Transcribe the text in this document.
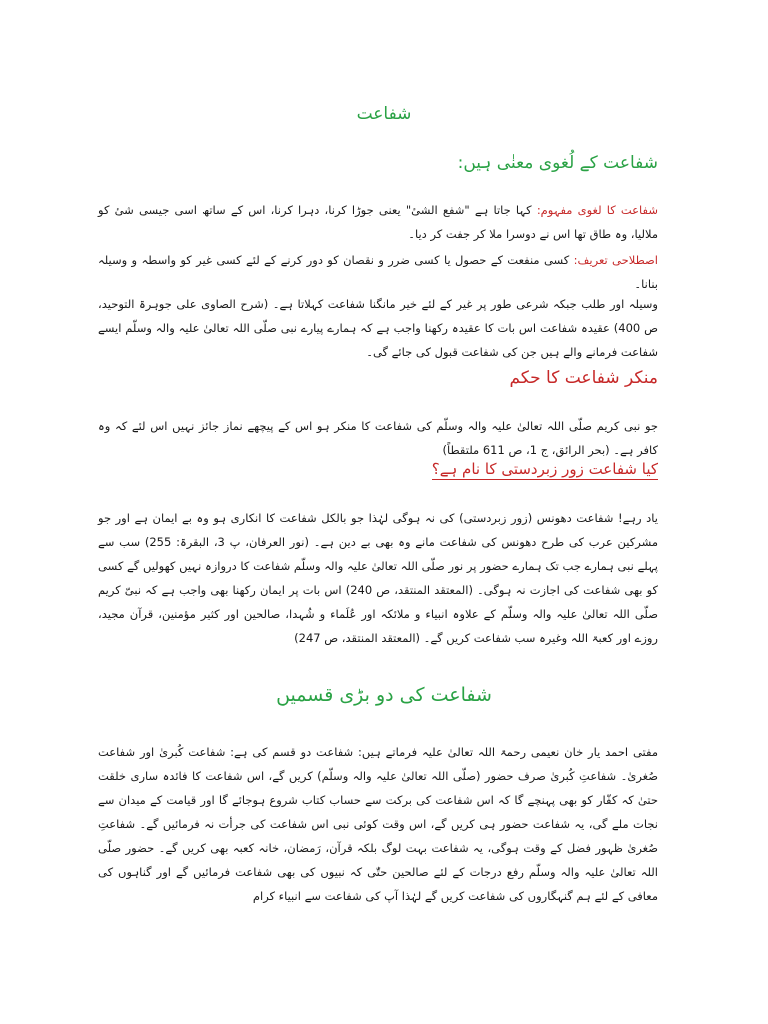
شفاعت
شفاعت کے لُغوی معنٰی ہیں:
شفاعت کا لغوی مفہوم: کہا جاتا ہے "شفع الشیٔ" یعنی جوڑا کرنا، دہرا کرنا، اس کے ساتھ اسی جیسی شیٔ کو ملالیا، وہ طاق تھا اس نے دوسرا ملا کر جفت کر دیا۔
اصطلاحی تعریف: کسی منفعت کے حصول یا کسی ضرر و نقصان کو دور کرنے کے لئے کسی غیر کو واسطہ و وسیلہ بنانا۔
وسیلہ اور طلب جبکہ شرعی طور پر غیر کے لئے خیر مانگنا شفاعت کہلاتا ہے۔ (شرح الصاوی علی جوہرۃ التوحید، ص 400) عقیدہ شفاعت اس بات کا عقیدہ رکھنا واجب ہے کہ ہمارے پیارے نبی صلّی اللہ تعالیٰ علیہ والہ وسلّم ایسے شفاعت فرمانے والے ہیں جن کی شفاعت قبول کی جائے گی۔
منکر شفاعت کا حکم
جو نبی کریم صلّی اللہ تعالیٰ علیہ والہ وسلّم کی شفاعت کا منکر ہو اس کے پیچھے نماز جائز نہیں اس لئے کہ وہ کافر ہے۔ (بحر الرائق، ج 1، ص 611 ملتقطاً)
کیا شفاعت زور زبردستی کا نام ہے؟
یاد رہے! شفاعت دھونس (زور زبردستی) کی نہ ہوگی لہٰذا جو بالکل شفاعت کا انکاری ہو وہ بے ایمان ہے اور جو مشرکین عرب کی طرح دھونس کی شفاعت مانے وہ بھی بے دین ہے۔ (نور العرفان، پ 3، البقرۃ: 255) سب سے پہلے نبی ہمارے جب تک ہمارے حضور پر نور صلّی اللہ تعالیٰ علیہ والہ وسلّم شفاعت کا دروازہ نہیں کھولیں گے کسی کو بھی شفاعت کی اجازت نہ ہوگی۔ (المعتقد المنتقد، ص 240) اس بات پر ایمان رکھنا بھی واجب ہے کہ نبیّ کریم صلّی اللہ تعالیٰ علیہ والہ وسلّم کے علاوہ انبیاء و ملائکہ اور عُلَماء و شُہدا، صالحین اور کثیر مؤمنین، قرآن مجید، روزے اور کعبۃ اللہ وغیرہ سب شفاعت کریں گے۔ (المعتقد المنتقد، ص 247)
شفاعت کی دو بڑی قسمیں
مفتی احمد یار خان نعیمی رحمۃ اللہ تعالیٰ علیہ فرماتے ہیں: شفاعت دو قسم کی ہے: شفاعت کُبریٰ اور شفاعت صُغریٰ۔ شفاعتِ کُبریٰ صرف حضور (صلّی اللہ تعالیٰ علیہ والہ وسلّم) کریں گے، اس شفاعت کا فائدہ ساری خلقت حتیٰ کہ کفّار کو بھی پہنچے گا کہ اس شفاعت کی برکت سے حساب کتاب شروع ہوجائے گا اور قیامت کے میدان سے نجات ملے گی، یہ شفاعت حضور ہی کریں گے، اس وقت کوئی نبی اس شفاعت کی جرأت نہ فرمائیں گے۔ شفاعتِ صُغریٰ ظہور فضل کے وقت ہوگی، یہ شفاعت بہت لوگ بلکہ قرآن، رَمضان، خانہ کعبہ بھی کریں گے۔ حضور صلّی اللہ تعالیٰ علیہ والہ وسلّم رفع درجات کے لئے صالحین حتّٰی کہ نبیوں کی بھی شفاعت فرمائیں گے اور گناہوں کی معافی کے لئے ہم گنہگاروں کی شفاعت کریں گے لہٰذا آپ کی شفاعت سے انبیاء کرام
